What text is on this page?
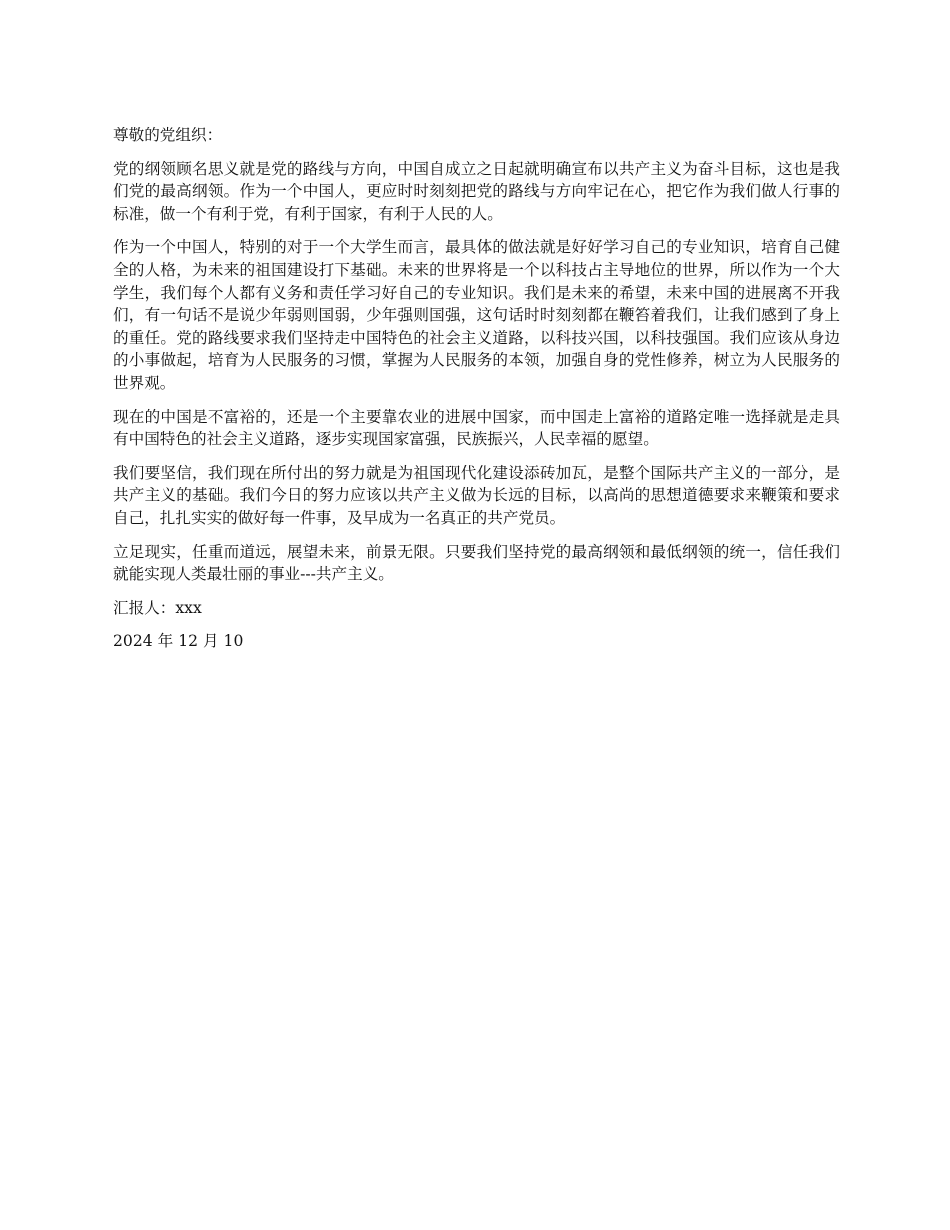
尊敬的党组织：

党的纲领顾名思义就是党的路线与方向，中国自成立之日起就明确宣布以共产主义为奋斗目标，这也是我们党的最高纲领。作为一个中国人，更应时时刻刻把党的路线与方向牢记在心，把它作为我们做人行事的标准，做一个有利于党，有利于国家，有利于人民的人。

作为一个中国人，特别的对于一个大学生而言，最具体的做法就是好好学习自己的专业知识，培育自己健全的人格，为未来的祖国建设打下基础。未来的世界将是一个以科技占主导地位的世界，所以作为一个大学生，我们每个人都有义务和责任学习好自己的专业知识。我们是未来的希望，未来中国的进展离不开我们，有一句话不是说少年弱则国弱，少年强则国强，这句话时时刻刻都在鞭笞着我们，让我们感到了身上的重任。党的路线要求我们坚持走中国特色的社会主义道路，以科技兴国，以科技强国。我们应该从身边的小事做起，培育为人民服务的习惯，掌握为人民服务的本领，加强自身的党性修养，树立为人民服务的世界观。

现在的中国是不富裕的，还是一个主要靠农业的进展中国家，而中国走上富裕的道路定唯一选择就是走具有中国特色的社会主义道路，逐步实现国家富强，民族振兴，人民幸福的愿望。

我们要坚信，我们现在所付出的努力就是为祖国现代化建设添砖加瓦，是整个国际共产主义的一部分，是共产主义的基础。我们今日的努力应该以共产主义做为长远的目标，以高尚的思想道德要求来鞭策和要求自己，扎扎实实的做好每一件事，及早成为一名真正的共产党员。

立足现实，任重而道远，展望未来，前景无限。只要我们坚持党的最高纲领和最低纲领的统一，信任我们就能实现人类最壮丽的事业---共产主义。

汇报人：xxx

2024 年 12 月 10
